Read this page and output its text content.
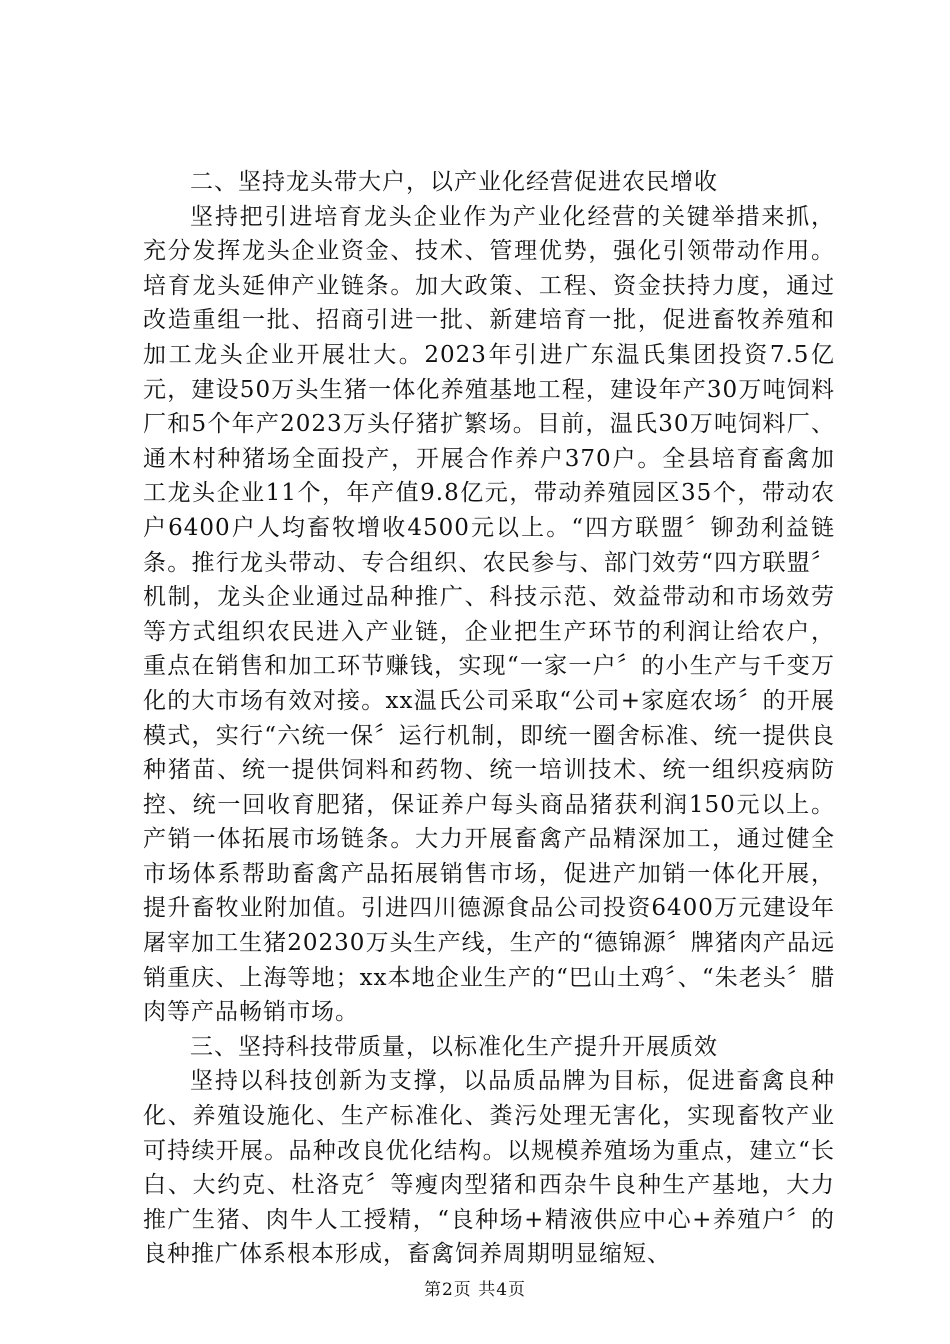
二、坚持龙头带大户，以产业化经营促进农民增收

坚持把引进培育龙头企业作为产业化经营的关键举措来抓，充分发挥龙头企业资金、技术、管理优势，强化引领带动作用。培育龙头延伸产业链条。加大政策、工程、资金扶持力度，通过改造重组一批、招商引进一批、新建培育一批，促进畜牧养殖和加工龙头企业开展壮大。2023年引进广东温氏集团投资7.5亿元，建设50万头生猪一体化养殖基地工程，建设年产30万吨饲料厂和5个年产2023万头仔猪扩繁场。目前，温氏30万吨饲料厂、通木村种猪场全面投产，开展合作养户370户。全县培育畜禽加工龙头企业11个，年产值9.8亿元，带动养殖园区35个，带动农户6400户人均畜牧增收4500元以上。“四方联盟〞铆劲利益链条。推行龙头带动、专合组织、农民参与、部门效劳“四方联盟〞机制，龙头企业通过品种推广、科技示范、效益带动和市场效劳等方式组织农民进入产业链，企业把生产环节的利润让给农户，重点在销售和加工环节赚钱，实现“一家一户〞的小生产与千变万化的大市场有效对接。xx温氏公司采取“公司+家庭农场〞的开展模式，实行“六统一保〞运行机制，即统一圈舍标准、统一提供良种猪苗、统一提供饲料和药物、统一培训技术、统一组织疫病防控、统一回收育肥猪，保证养户每头商品猪获利润150元以上。产销一体拓展市场链条。大力开展畜禽产品精深加工，通过健全市场体系帮助畜禽产品拓展销售市场，促进产加销一体化开展，提升畜牧业附加值。引进四川德源食品公司投资6400万元建设年屠宰加工生猪20230万头生产线，生产的“德锦源〞牌猪肉产品远销重庆、上海等地；xx本地企业生产的“巴山土鸡〞、“朱老头〞腊肉等产品畅销市场。

三、坚持科技带质量，以标准化生产提升开展质效

坚持以科技创新为支撑，以品质品牌为目标，促进畜禽良种化、养殖设施化、生产标准化、粪污处理无害化，实现畜牧产业可持续开展。品种改良优化结构。以规模养殖场为重点，建立“长白、大约克、杜洛克〞等瘦肉型猪和西杂牛良种生产基地，大力推广生猪、肉牛人工授精，“良种场+精液供应中心+养殖户〞的良种推广体系根本形成，畜禽饲养周期明显缩短、

第2页 共4页
